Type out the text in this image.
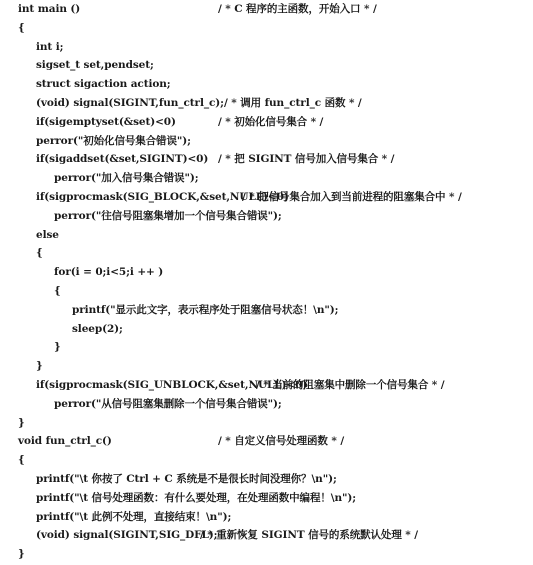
int main ()	/ * C 程序的主函数，开始入口 * /
{
int i;
sigset_t set,pendset;
struct sigaction action;
(void) signal(SIGINT,fun_ctrl_c); / * 调用 fun_ctrl_c 函数 * /
if(sigemptyset(&set)<0)	/ * 初始化信号集合 * /
perror("初始化信号集合错误");
if(sigaddset(&set,SIGINT)<0) / * 把 SIGINT 信号加入信号集合 * /
perror("加入信号集合错误");
if(sigprocmask(SIG_BLOCK,&set,NULL)<0)
/ * 把信号集合加入到当前进程的阻塞集合中 * /
perror("往信号阻塞集增加一个信号集合错误");
else
{
for(i = 0;i<5;i ++ )
{
printf("显示此文字，表示程序处于阻塞信号状态！\n");
sleep(2);
}
}
if(sigprocmask(SIG_UNBLOCK,&set,NULL)<0)
/ * 当前的阻塞集中删除一个信号集合 * /
perror("从信号阻塞集删除一个信号集合错误");
}
void fun_ctrl_c()	/ * 自定义信号处理函数 * /
{
printf("\t 你按了 Ctrl + C 系统是不是很长时间没理你？\n");
printf("\t 信号处理函数：有什么要处理，在处理函数中编程！\n");
printf("\t 此例不处理，直接结束！\n");
(void) signal(SIGINT,SIG_DFL);
/ * 重新恢复 SIGINT 信号的系统默认处理 * /
}
